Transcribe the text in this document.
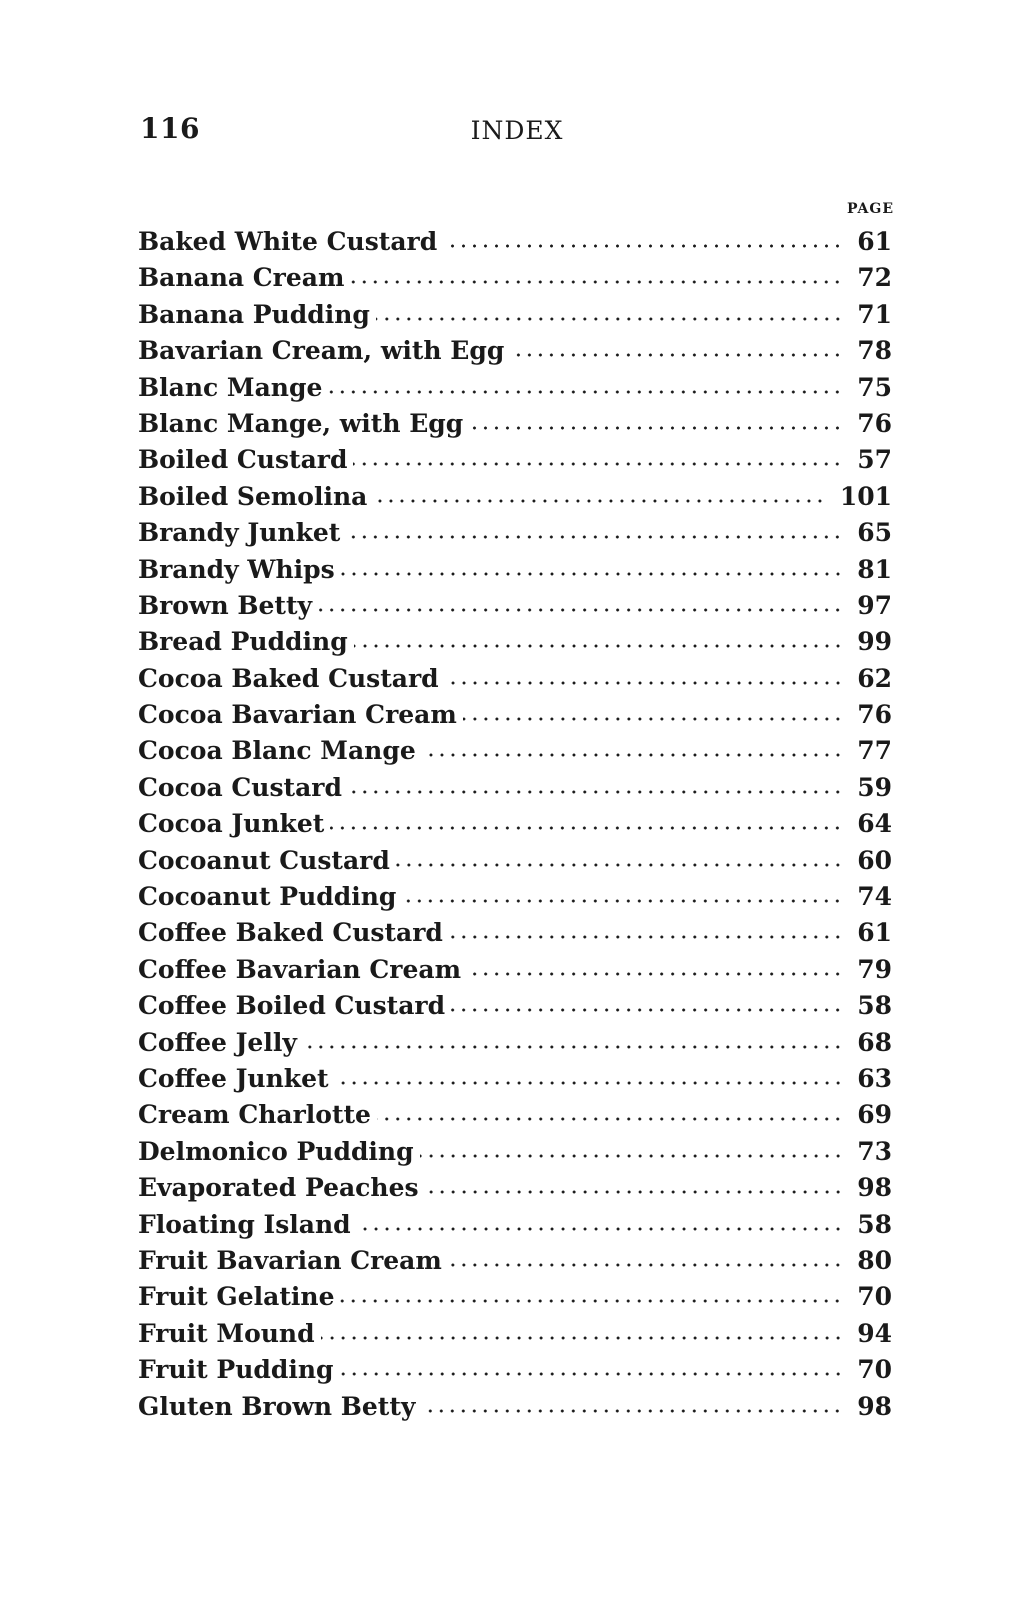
116	INDEX
PAGE
Baked White Custard	61
Banana Cream	72
Banana Pudding	71
Bavarian Cream, with Egg	78
Blanc Mange	75
Blanc Mange, with Egg	76
Boiled Custard	57
Boiled Semolina	101
Brandy Junket	65
Brandy Whips	81
Brown Betty	97
Bread Pudding	99
Cocoa Baked Custard	62
Cocoa Bavarian Cream	76
Cocoa Blanc Mange	77
Cocoa Custard	59
Cocoa Junket	64
Cocoanut Custard	60
Cocoanut Pudding	74
Coffee Baked Custard	61
Coffee Bavarian Cream	79
Coffee Boiled Custard	58
Coffee Jelly	68
Coffee Junket	63
Cream Charlotte	69
Delmonico Pudding	73
Evaporated Peaches	98
Floating Island	58
Fruit Bavarian Cream	80
Fruit Gelatine	70
Fruit Mound	94
Fruit Pudding	70
Gluten Brown Betty	98
